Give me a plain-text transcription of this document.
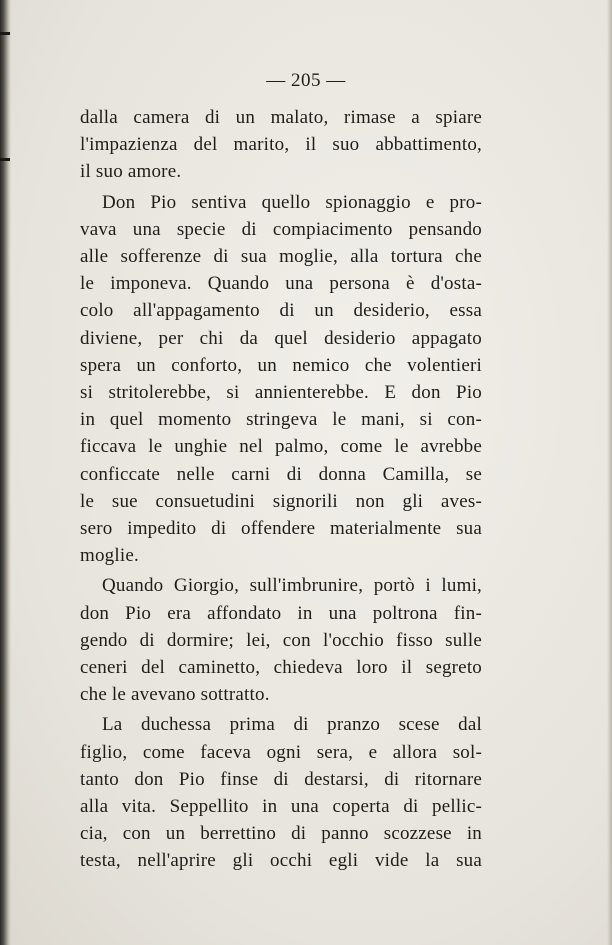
— 205 —
dalla camera di un malato, rimase a spiare
l'impazienza del marito, il suo abbattimento,
il suo amore.
Don Pio sentiva quello spionaggio e pro-
vava una specie di compiacimento pensando
alle sofferenze di sua moglie, alla tortura che
le imponeva. Quando una persona è d'osta-
colo all'appagamento di un desiderio, essa
diviene, per chi da quel desiderio appagato
spera un conforto, un nemico che volentieri
si stritolerebbe, si annienterebbe. E don Pio
in quel momento stringeva le mani, si con-
ficcava le unghie nel palmo, come le avrebbe
conficcate nelle carni di donna Camilla, se
le sue consuetudini signorili non gli aves-
sero impedito di offendere materialmente sua
moglie.
Quando Giorgio, sull'imbrunire, portò i lumi,
don Pio era affondato in una poltrona fin-
gendo di dormire; lei, con l'occhio fisso sulle
ceneri del caminetto, chiedeva loro il segreto
che le avevano sottratto.
La duchessa prima di pranzo scese dal
figlio, come faceva ogni sera, e allora sol-
tanto don Pio finse di destarsi, di ritornare
alla vita. Seppellito in una coperta di pellic-
cia, con un berrettino di panno scozzese in
testa, nell'aprire gli occhi egli vide la sua
